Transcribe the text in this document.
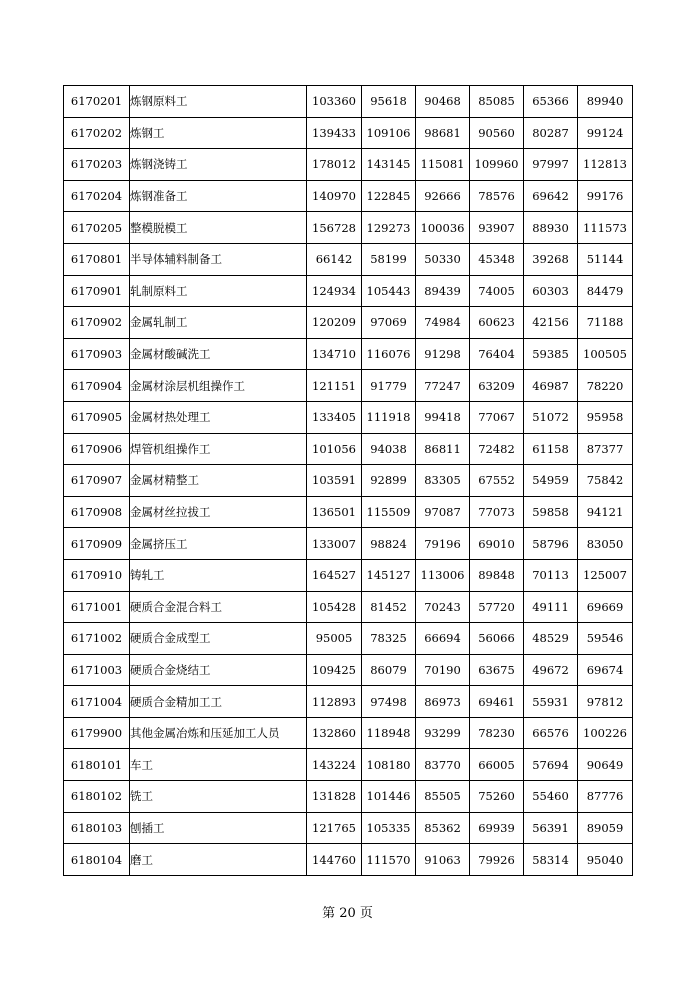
6170201	炼钢原料工	103360	95618	90468	85085	65366	89940
6170202	炼钢工	139433	109106	98681	90560	80287	99124
6170203	炼钢浇铸工	178012	143145	115081	109960	97997	112813
6170204	炼钢准备工	140970	122845	92666	78576	69642	99176
6170205	整模脱模工	156728	129273	100036	93907	88930	111573
6170801	半导体辅料制备工	66142	58199	50330	45348	39268	51144
6170901	轧制原料工	124934	105443	89439	74005	60303	84479
6170902	金属轧制工	120209	97069	74984	60623	42156	71188
6170903	金属材酸碱洗工	134710	116076	91298	76404	59385	100505
6170904	金属材涂层机组操作工	121151	91779	77247	63209	46987	78220
6170905	金属材热处理工	133405	111918	99418	77067	51072	95958
6170906	焊管机组操作工	101056	94038	86811	72482	61158	87377
6170907	金属材精整工	103591	92899	83305	67552	54959	75842
6170908	金属材丝拉拔工	136501	115509	97087	77073	59858	94121
6170909	金属挤压工	133007	98824	79196	69010	58796	83050
6170910	铸轧工	164527	145127	113006	89848	70113	125007
6171001	硬质合金混合料工	105428	81452	70243	57720	49111	69669
6171002	硬质合金成型工	95005	78325	66694	56066	48529	59546
6171003	硬质合金烧结工	109425	86079	70190	63675	49672	69674
6171004	硬质合金精加工工	112893	97498	86973	69461	55931	97812
6179900	其他金属冶炼和压延加工人员	132860	118948	93299	78230	66576	100226
6180101	车工	143224	108180	83770	66005	57694	90649
6180102	铣工	131828	101446	85505	75260	55460	87776
6180103	刨插工	121765	105335	85362	69939	56391	89059
6180104	磨工	144760	111570	91063	79926	58314	95040
第 20 页
